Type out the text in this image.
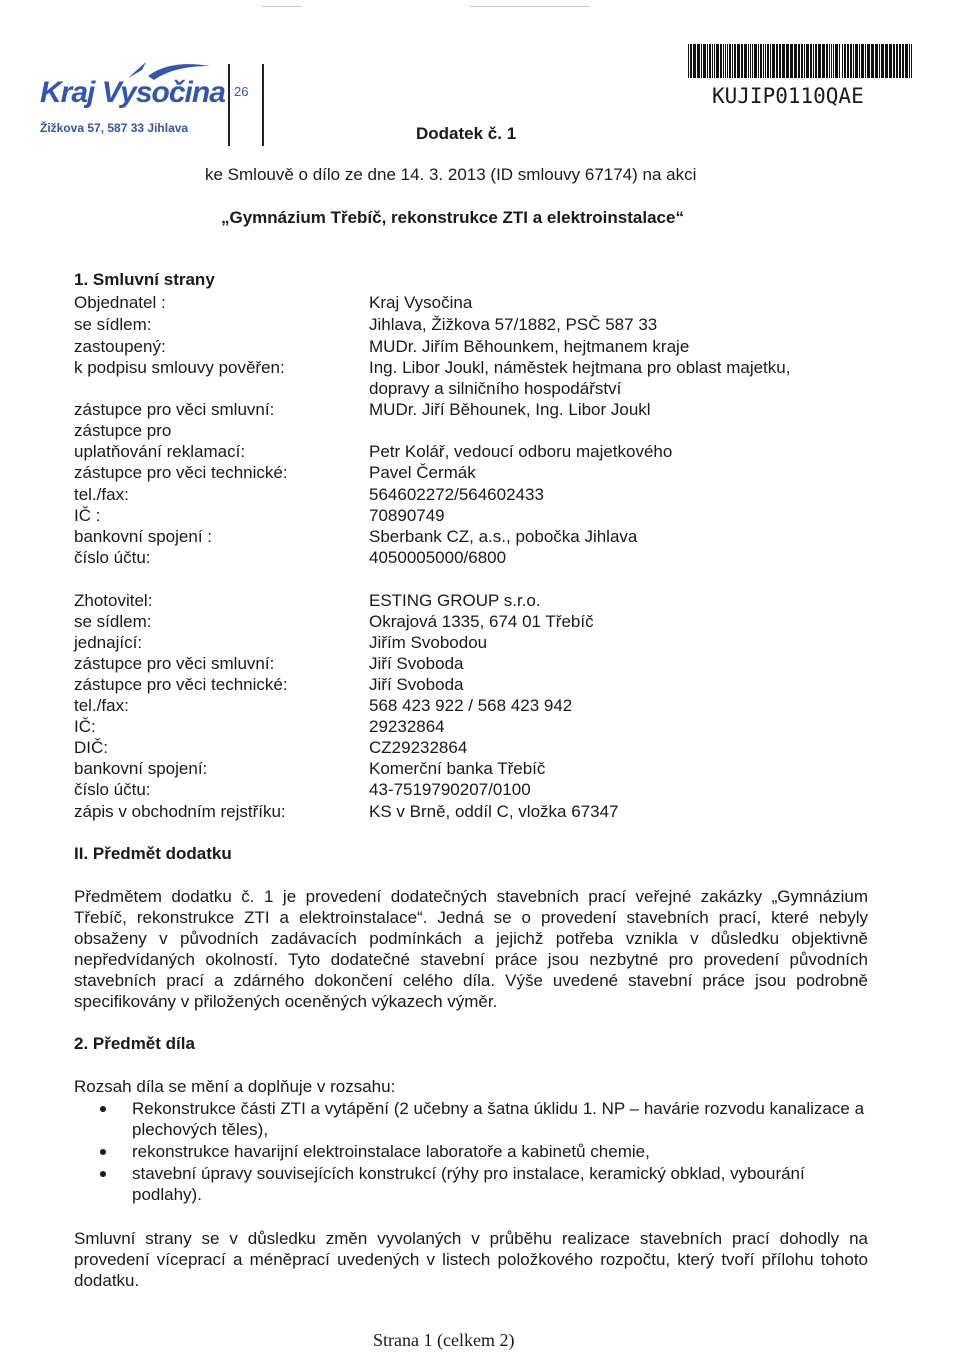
Kraj Vysočina
Žižkova 57, 587 33 Jihlava
26	KUJIP0110QAE
Dodatek č. 1
ke Smlouvě o dílo ze dne 14. 3. 2013 (ID smlouvy 67174) na akci
„Gymnázium Třebíč, rekonstrukce ZTI a elektroinstalace“
1. Smluvní strany
Objednatel :	Kraj Vysočina
se sídlem:	Jihlava, Žižkova 57/1882, PSČ 587 33
zastoupený:	MUDr. Jiřím Běhounkem, hejtmanem kraje
k podpisu smlouvy pověřen:	Ing. Libor Joukl, náměstek hejtmana pro oblast majetku,
dopravy a silničního hospodářství
zástupce pro věci smluvní:	MUDr. Jiří Běhounek, Ing. Libor Joukl
zástupce pro
uplatňování reklamací:	Petr Kolář, vedoucí odboru majetkového
zástupce pro věci technické:	Pavel Čermák
tel./fax:	564602272/564602433
IČ :	70890749
bankovní spojení :	Sberbank CZ, a.s., pobočka Jihlava
číslo účtu:	4050005000/6800
Zhotovitel:	ESTING GROUP s.r.o.
se sídlem:	Okrajová 1335, 674 01 Třebíč
jednající:	Jiřím Svobodou
zástupce pro věci smluvní:	Jiří Svoboda
zástupce pro věci technické:	Jiří Svoboda
tel./fax:	568 423 922 / 568 423 942
IČ:	29232864
DIČ:	CZ29232864
bankovní spojení:	Komerční banka Třebíč
číslo účtu:	43-7519790207/0100
zápis v obchodním rejstříku:	KS v Brně, oddíl C, vložka 67347
II. Předmět dodatku
Předmětem dodatku č. 1 je provedení dodatečných stavebních prací veřejné zakázky „Gymnázium Třebíč, rekonstrukce ZTI a elektroinstalace“. Jedná se o provedení stavebních prací, které nebyly obsaženy v původních zadávacích podmínkách a jejichž potřeba vznikla v důsledku objektivně nepředvídaných okolností. Tyto dodatečné stavební práce jsou nezbytné pro provedení původních stavebních prací a zdárného dokončení celého díla. Výše uvedené stavební práce jsou podrobně specifikovány v přiložených oceněných výkazech výměr.
2. Předmět díla
Rozsah díla se mění a doplňuje v rozsahu:
Rekonstrukce části ZTI a vytápění (2 učebny a šatna úklidu 1. NP – havárie rozvodu kanalizace a plechových těles),
rekonstrukce havarijní elektroinstalace laboratoře a kabinetů chemie,
stavební úpravy souvisejících konstrukcí (rýhy pro instalace, keramický obklad, vybourání podlahy).
Smluvní strany se v důsledku změn vyvolaných v průběhu realizace stavebních prací dohodly na provedení víceprací a méněprací uvedených v listech položkového rozpočtu, který tvoří přílohu tohoto dodatku.
Strana 1 (celkem 2)
